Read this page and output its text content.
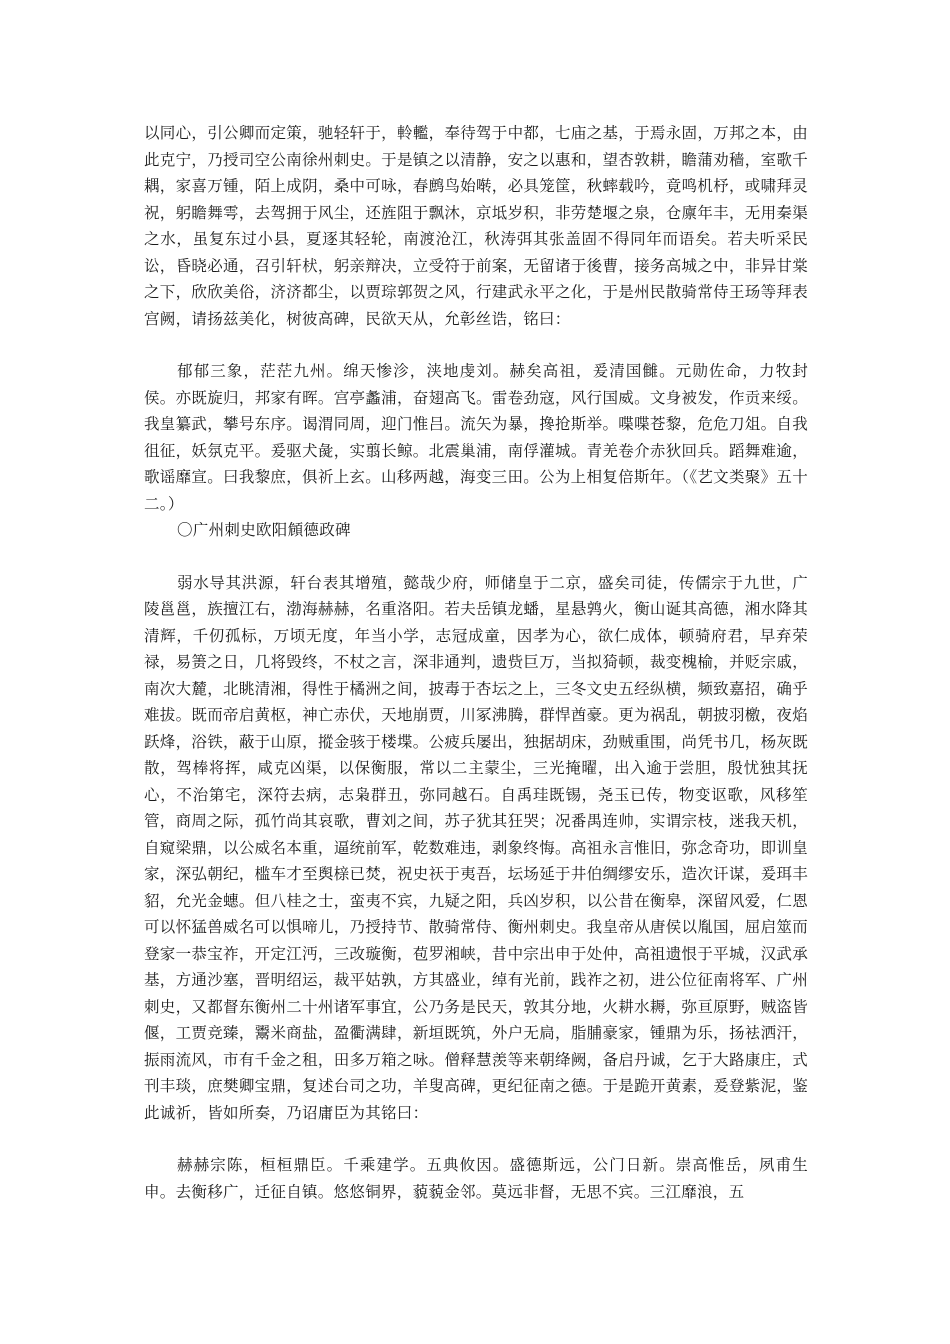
以同心，引公卿而定策，驰轻轩于，軨轞，奉待驾于中都，七庙之基，于焉永固，万邦之本，由此克宁，乃授司空公南徐州刺史。于是镇之以清静，安之以惠和，望杏敦耕，瞻蒲劝穑，室歌千耦，家喜万锺，陌上成阴，桑中可咏，春鹧鸟始啭，必具笼筐，秋蟀载吟，竟鸣机杼，或啸拜灵祝，躬瞻舞雩，去驾拥于风尘，还旌阻于飘沐，京坻岁积，非劳楚堰之泉，仓廪年丰，无用秦渠之水，虽复东过小县，夏逐其轻轮，南渡沧江，秋涛弭其张盖固不得同年而语矣。若夫听采民讼，昏晓必通，召引轩枤，躬亲辩决，立受符于前案，无留诸于後曹，接务高城之中，非异甘棠之下，欣欣美俗，济济都尘，以贾琮郭贺之风，行建武永平之化，于是州民散骑常侍王玚等拜表宫阙，请扬兹美化，树彼高碑，民欲天从，允彰丝诰，铭曰：

郁郁三象，茫茫九州。绵天惨沴，浃地虔刘。赫矣高祖，爰清国雠。元勋佐命，力牧封侯。亦既旋归，邦家有晖。宫亭蠡浦，奋翅高飞。雷卷劲寇，风行国威。文身被发，作贡来绥。我皇纂武，攀号东序。谒渭同周，迎门惟吕。流矢为暴，搀抢斯举。喋喋苍黎，危危刀俎。自我徂征，妖氛克平。爰驱犬彘，实翦长鲸。北震巢浦，南俘灌城。青羌卷介赤狄回兵。蹈舞难逾，歌谣靡宣。曰我黎庶，俱祈上玄。山移两越，海变三田。公为上相复倍斯年。（《艺文类聚》五十二。）

〇广州刺史欧阳頠德政碑

弱水导其洪源，轩台表其增殖，懿哉少府，师储皇于二京，盛矣司徒，传儒宗于九世，广陵邕邕，族擅江右，渤海赫赫，名重洛阳。若夫岳镇龙蟠，星悬鹑火，衡山诞其高德，湘水降其清辉，千仞孤标，万顷无度，年当小学，志冠成童，因孝为心，欲仁成体，顿骑府君，早弃荣禄，易箦之日，几将毁终，不杖之言，深非通判，遗赀巨万，当拟猗顿，裁变槐榆，并贬宗戚，南次大麓，北眺清湘，得性于橘洲之间，披毒于杏坛之上，三冬文史五经纵横，频致嘉招，确乎难拔。既而帝启黄枢，神亡赤伏，天地崩贾，川冢沸腾，群悍酋豪。更为祸乱，朝披羽檄，夜焰跃烽，浴铁，蔽于山原，摐金骇于楼堞。公疲兵屡出，独据胡床，劲贼重围，尚凭书几，杨灰既散，驾棒将挥，咸克凶渠，以保衡服，常以二主蒙尘，三光掩曜，出入逾于尝胆，殷忧独其抚心，不治第宅，深符去病，志枭群丑，弥同越石。自禹珪既锡，尧玉已传，物变讴歌，风移笙管，商周之际，孤竹尚其哀歌，曹刘之间，苏子犹其狂哭；况番禺连帅，实谓宗枝，迷我天机，自窥梁鼎，以公威名本重，逼统前军，乾数难违，剥象终悔。高祖永言惟旧，弥念奇功，即训皇家，深弘朝纪，槛车才至舆榇已焚，祝史祆于夷吾，坛场延于井伯绸缪安乐，造次讦谋，爰珥丰貂，允光金蟪。但八桂之士，蛮夷不宾，九疑之阳，兵凶岁积，以公昔在衡皋，深留风爱，仁恩可以怀猛兽威名可以惧啼儿，乃授持节、散骑常侍、衡州刺史。我皇帝从唐侯以胤国，屈启筮而登家一恭宝祚，开定江沔，三改璇衡，苞罗湘峡，昔中宗出申于处仲，高祖遗恨于平城，汉武承基，方通沙塞，晋明绍运，裁平姑孰，方其盛业，绰有光前，践祚之初，进公位征南将军、广州刺史，又都督东衡州二十州诸军事宜，公乃务是民天，敦其分地，火耕水耨，弥亘原野，贼盗皆偃，工贾竞臻，鬻米商盐，盈衢满肆，新垣既筑，外户无扃，脂脯豪家，锺鼎为乐，扬袪洒汗，振雨流风，市有千金之租，田多万箱之咏。僧释慧羡等来朝绛阙，备启丹诚，乞于大路康庄，式刊丰琰，庶樊卿宝鼎，复述台司之功，羊叟高碑，更纪征南之德。于是跪开黄素，爰登紫泥，鉴此诚祈，皆如所奏，乃诏庸臣为其铭曰：

赫赫宗陈，桓桓鼎臣。千乘建学。五典攸因。盛德斯远，公门日新。崇高惟岳，夙甫生申。去衡移广，迁征自镇。悠悠铜界，藐藐金邻。莫远非督，无思不宾。三江靡浪，五
